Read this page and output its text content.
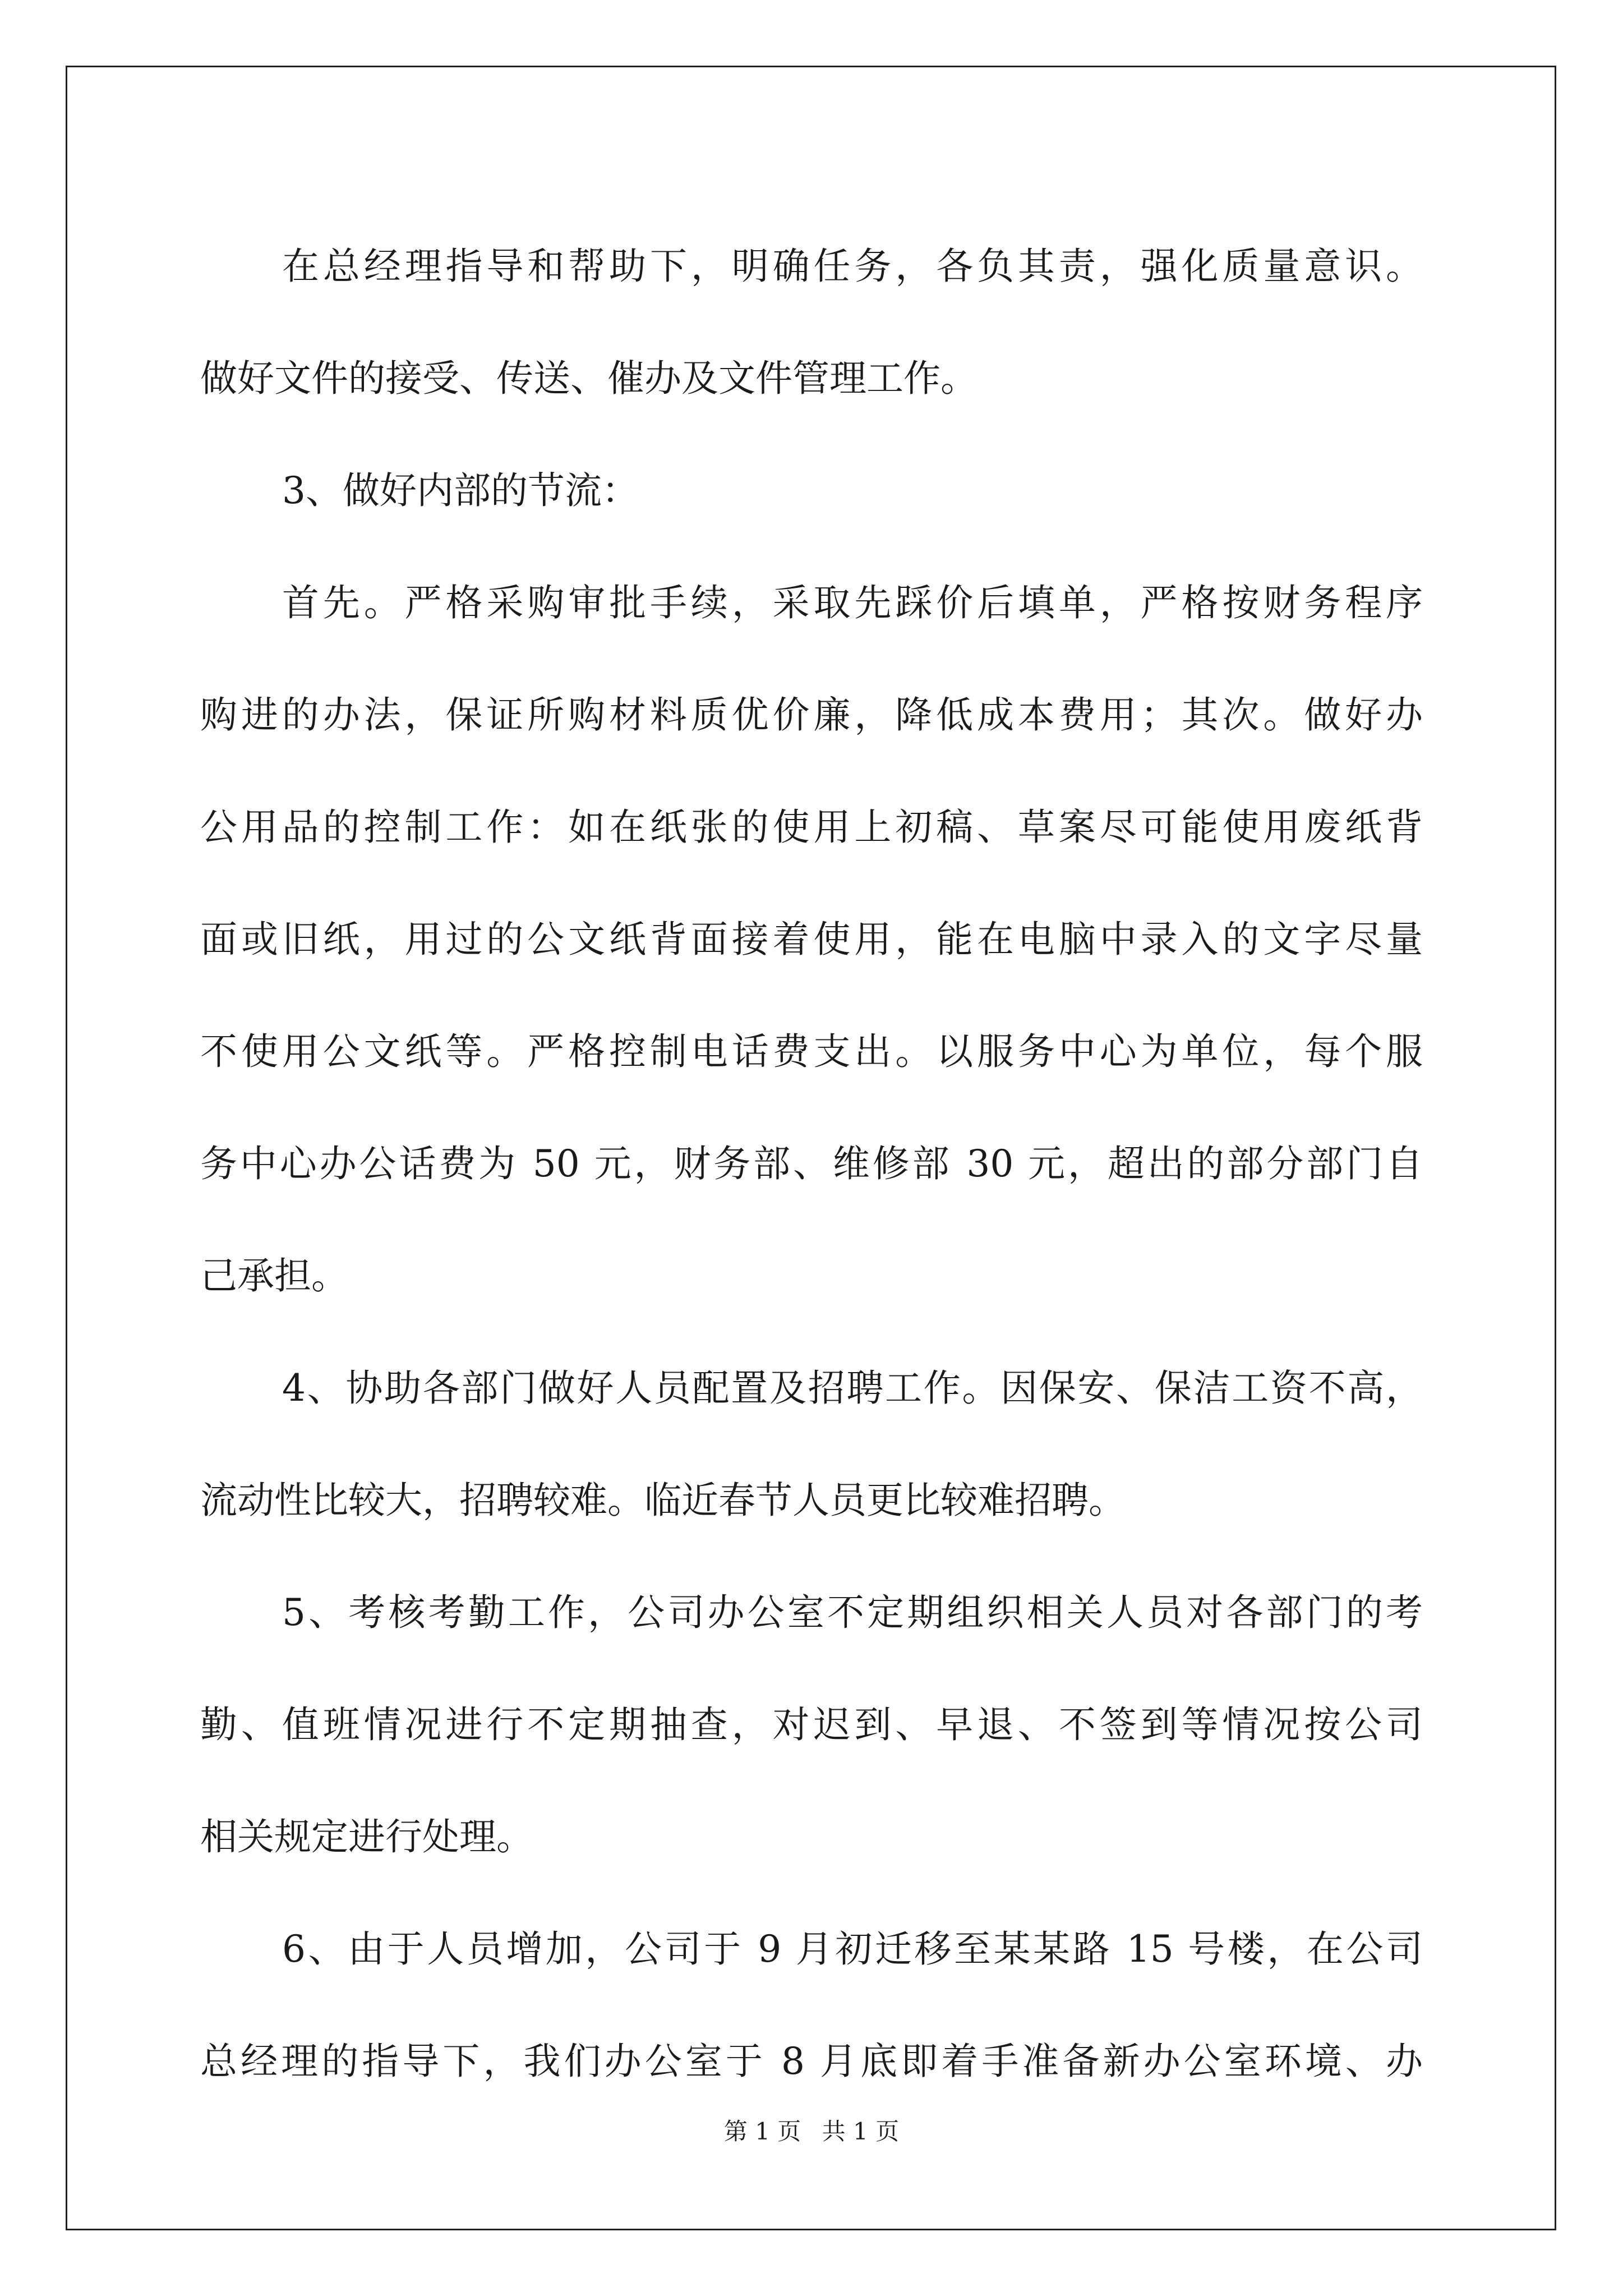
在总经理指导和帮助下，明确任务，各负其责，强化质量意识。
做好文件的接受、传送、催办及文件管理工作。
3、做好内部的节流：
首先。严格采购审批手续，采取先踩价后填单，严格按财务程序
购进的办法，保证所购材料质优价廉，降低成本费用；其次。做好办
公用品的控制工作：如在纸张的使用上初稿、草案尽可能使用废纸背
面或旧纸，用过的公文纸背面接着使用，能在电脑中录入的文字尽量
不使用公文纸等。严格控制电话费支出。以服务中心为单位，每个服
务中心办公话费为 50 元，财务部、维修部 30 元，超出的部分部门自
己承担。
4、协助各部门做好人员配置及招聘工作。因保安、保洁工资不高，
流动性比较大，招聘较难。临近春节人员更比较难招聘。
5、考核考勤工作，公司办公室不定期组织相关人员对各部门的考
勤、值班情况进行不定期抽查，对迟到、早退、不签到等情况按公司
相关规定进行处理。
6、由于人员增加，公司于 9 月初迁移至某某路 15 号楼，在公司
总经理的指导下，我们办公室于 8 月底即着手准备新办公室环境、办
第 1 页 共 1 页
